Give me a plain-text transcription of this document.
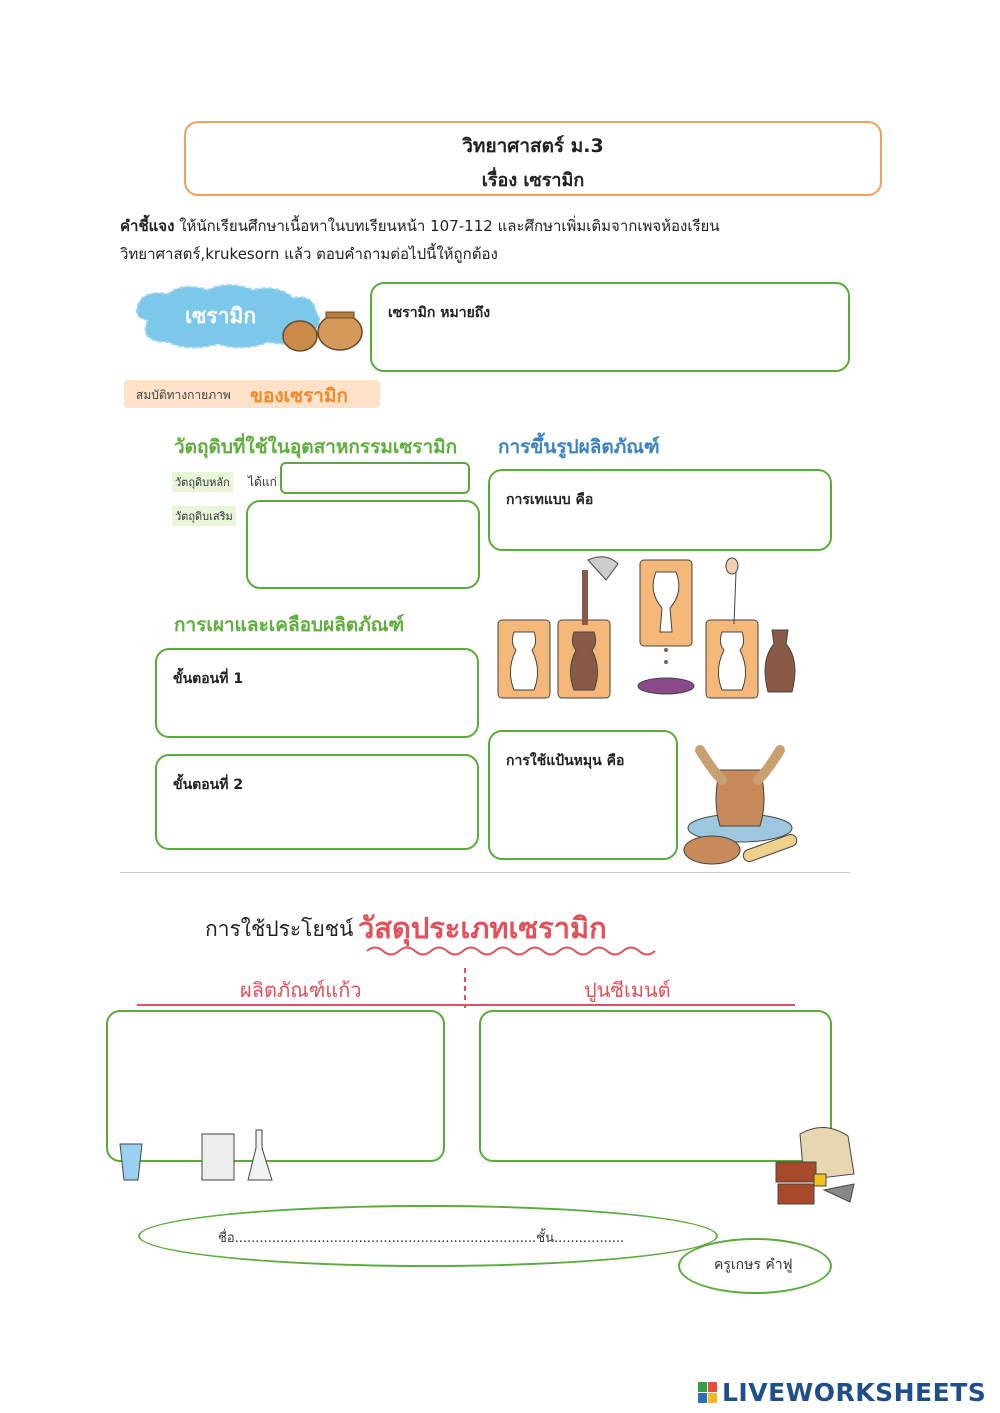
วิทยาศาสตร์ ม.3
เรื่อง เซรามิก
คำชี้แจง ให้นักเรียนศึกษาเนื้อหาในบทเรียนหน้า 107-112 และศึกษาเพิ่มเติมจากเพจห้องเรียน
วิทยาศาสตร์,krukesorn แล้ว ตอบคำถามต่อไปนี้ให้ถูกต้อง
เซรามิก	เซรามิก หมายถึง
สมบัติทางกายภาพ ของเซรามิก
วัตถุดิบที่ใช้ในอุตสาหกรรมเซรามิก
วัตถุดิบหลัก ได้แก่
วัตถุดิบเสริม
การขึ้นรูปผลิตภัณฑ์
การเทแบบ คือ
การเผาและเคลือบผลิตภัณฑ์
ขั้นตอนที่ 1
ขั้นตอนที่ 2
การใช้แป้นหมุน คือ
การใช้ประโยชน์ วัสดุประเภทเซรามิก
ผลิตภัณฑ์แก้ว	ปูนซีเมนต์
ชื่อ.........................................................................ชั้น.................
ครูเกษร คำฟู
LIVEWORKSHEETS
